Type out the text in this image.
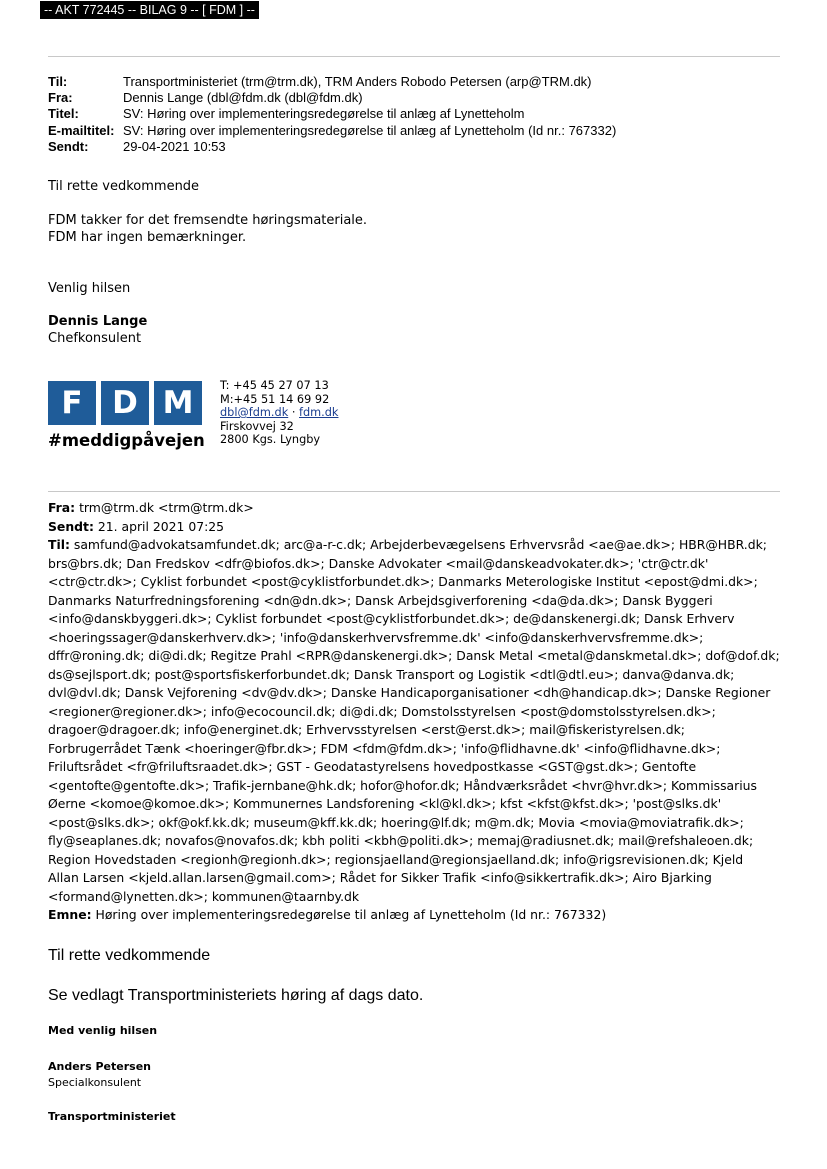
-- AKT 772445 -- BILAG 9 -- [ FDM ] --
Til:	Transportministeriet (trm@trm.dk), TRM Anders Robodo Petersen (arp@TRM.dk)
Fra:	Dennis Lange (dbl@fdm.dk (dbl@fdm.dk)
Titel:	SV: Høring over implementeringsredegørelse til anlæg af Lynetteholm
E-mailtitel: SV: Høring over implementeringsredegørelse til anlæg af Lynetteholm (Id nr.: 767332)
Sendt:	29-04-2021 10:53
Til rette vedkommende
FDM takker for det fremsendte høringsmateriale.
FDM har ingen bemærkninger.
Venlig hilsen
Dennis Lange
Chefkonsulent
F D M
#meddigpåvejen
T: +45 45 27 07 13
M:+45 51 14 69 92
dbl@fdm.dk · fdm.dk
Firskovvej 32
2800 Kgs. Lyngby
Fra: trm@trm.dk <trm@trm.dk>
Sendt: 21. april 2021 07:25
Til: samfund@advokatsamfundet.dk; arc@a-r-c.dk; Arbejderbevægelsens Erhvervsråd <ae@ae.dk>; HBR@HBR.dk;
brs@brs.dk; Dan Fredskov <dfr@biofos.dk>; Danske Advokater <mail@danskeadvokater.dk>; 'ctr@ctr.dk'
<ctr@ctr.dk>; Cyklist forbundet <post@cyklistforbundet.dk>; Danmarks Meterologiske Institut <epost@dmi.dk>;
Danmarks Naturfredningsforening <dn@dn.dk>; Dansk Arbejdsgiverforening <da@da.dk>; Dansk Byggeri
<info@danskbyggeri.dk>; Cyklist forbundet <post@cyklistforbundet.dk>; de@danskenergi.dk; Dansk Erhverv
<hoeringssager@danskerhverv.dk>; 'info@danskerhvervsfremme.dk' <info@danskerhvervsfremme.dk>;
dffr@roning.dk; di@di.dk; Regitze Prahl <RPR@danskenergi.dk>; Dansk Metal <metal@danskmetal.dk>; dof@dof.dk;
ds@sejlsport.dk; post@sportsfiskerforbundet.dk; Dansk Transport og Logistik <dtl@dtl.eu>; danva@danva.dk;
dvl@dvl.dk; Dansk Vejforening <dv@dv.dk>; Danske Handicaporganisationer <dh@handicap.dk>; Danske Regioner
<regioner@regioner.dk>; info@ecocouncil.dk; di@di.dk; Domstolsstyrelsen <post@domstolsstyrelsen.dk>;
dragoer@dragoer.dk; info@energinet.dk; Erhvervsstyrelsen <erst@erst.dk>; mail@fiskeristyrelsen.dk;
Forbrugerrådet Tænk <hoeringer@fbr.dk>; FDM <fdm@fdm.dk>; 'info@flidhavne.dk' <info@flidhavne.dk>;
Friluftsrådet <fr@friluftsraadet.dk>; GST - Geodatastyrelsens hovedpostkasse <GST@gst.dk>; Gentofte
<gentofte@gentofte.dk>; Trafik-jernbane@hk.dk; hofor@hofor.dk; Håndværksrådet <hvr@hvr.dk>; Kommissarius
Øerne <komoe@komoe.dk>; Kommunernes Landsforening <kl@kl.dk>; kfst <kfst@kfst.dk>; 'post@slks.dk'
<post@slks.dk>; okf@okf.kk.dk; museum@kff.kk.dk; hoering@lf.dk; m@m.dk; Movia <movia@moviatrafik.dk>;
fly@seaplanes.dk; novafos@novafos.dk; kbh politi <kbh@politi.dk>; memaj@radiusnet.dk; mail@refshaleoen.dk;
Region Hovedstaden <regionh@regionh.dk>; regionsjaelland@regionsjaelland.dk; info@rigsrevisionen.dk; Kjeld
Allan Larsen <kjeld.allan.larsen@gmail.com>; Rådet for Sikker Trafik <info@sikkertrafik.dk>; Airo Bjarking
<formand@lynetten.dk>; kommunen@taarnby.dk
Emne: Høring over implementeringsredegørelse til anlæg af Lynetteholm (Id nr.: 767332)
Til rette vedkommende
Se vedlagt Transportministeriets høring af dags dato.
Med venlig hilsen
Anders Petersen
Specialkonsulent
Transportministeriet
